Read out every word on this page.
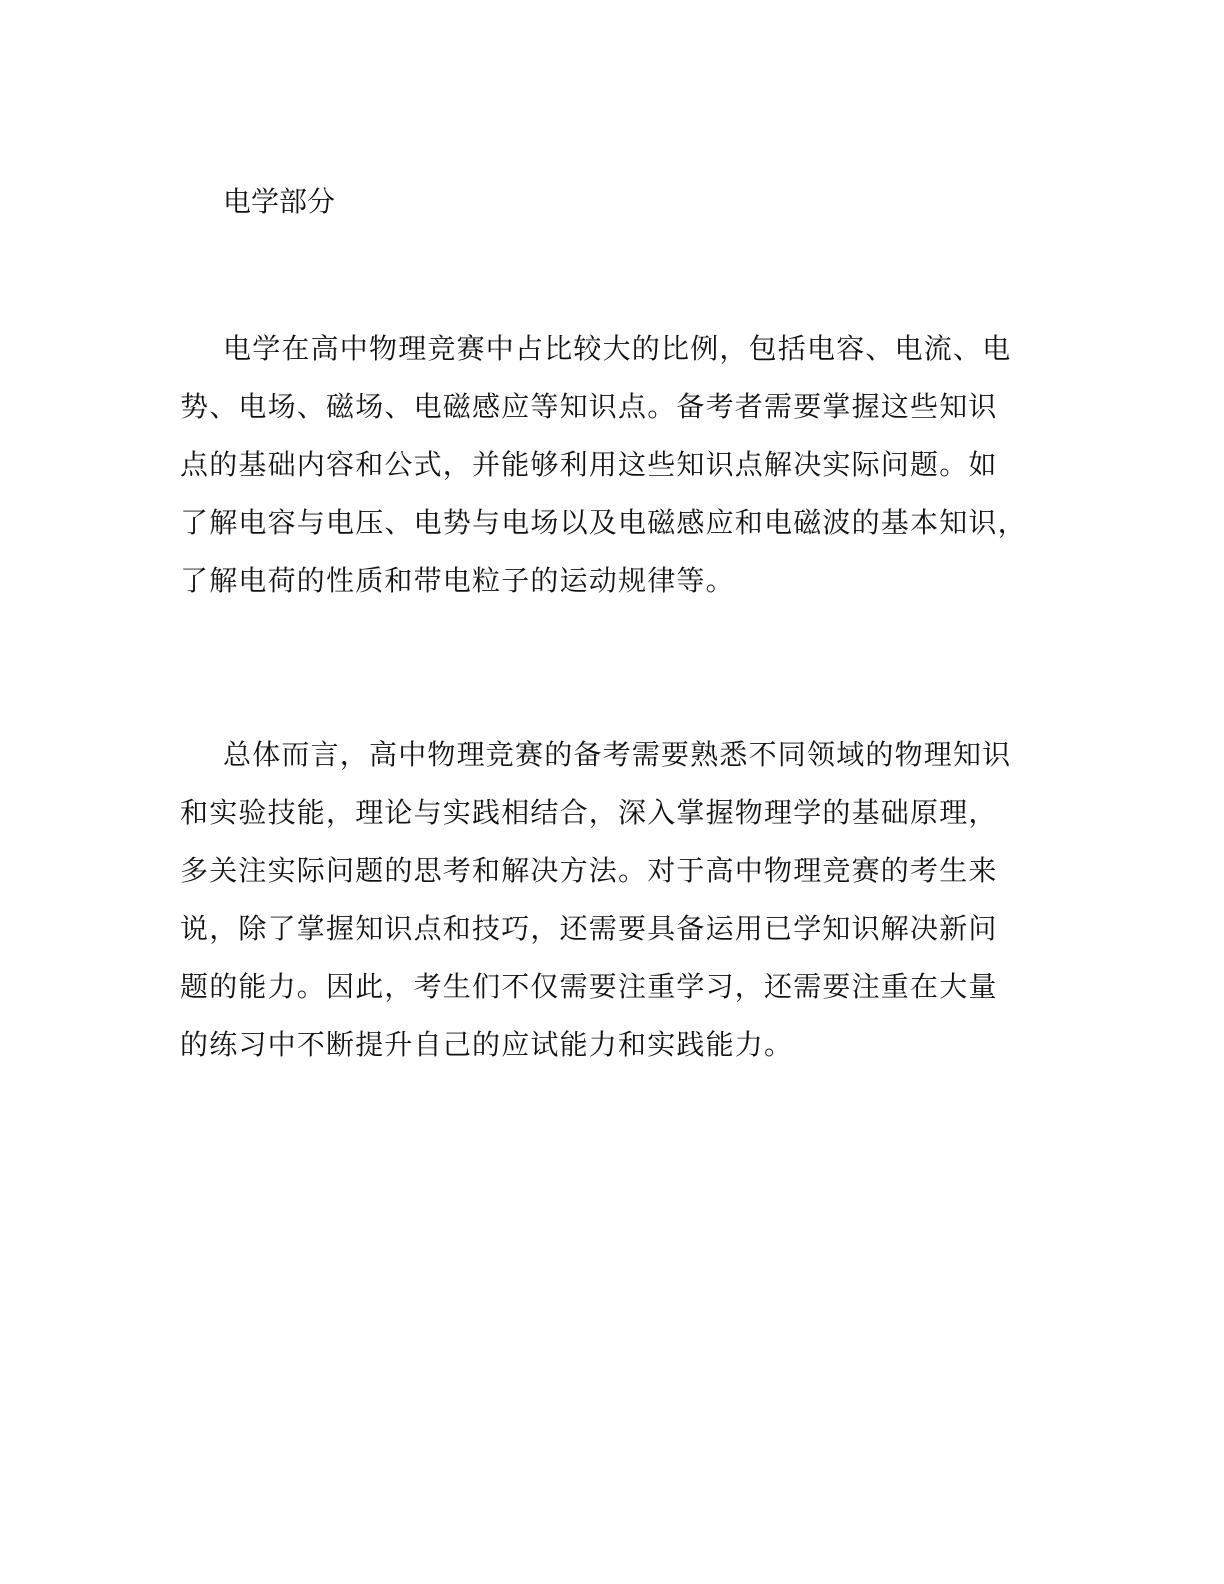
电学部分
电学在高中物理竞赛中占比较大的比例，包括电容、电流、电
势、电场、磁场、电磁感应等知识点。备考者需要掌握这些知识
点的基础内容和公式，并能够利用这些知识点解决实际问题。如
了解电容与电压、电势与电场以及电磁感应和电磁波的基本知识，
了解电荷的性质和带电粒子的运动规律等。
总体而言，高中物理竞赛的备考需要熟悉不同领域的物理知识
和实验技能，理论与实践相结合，深入掌握物理学的基础原理，
多关注实际问题的思考和解决方法。对于高中物理竞赛的考生来
说，除了掌握知识点和技巧，还需要具备运用已学知识解决新问
题的能力。因此，考生们不仅需要注重学习，还需要注重在大量
的练习中不断提升自己的应试能力和实践能力。
